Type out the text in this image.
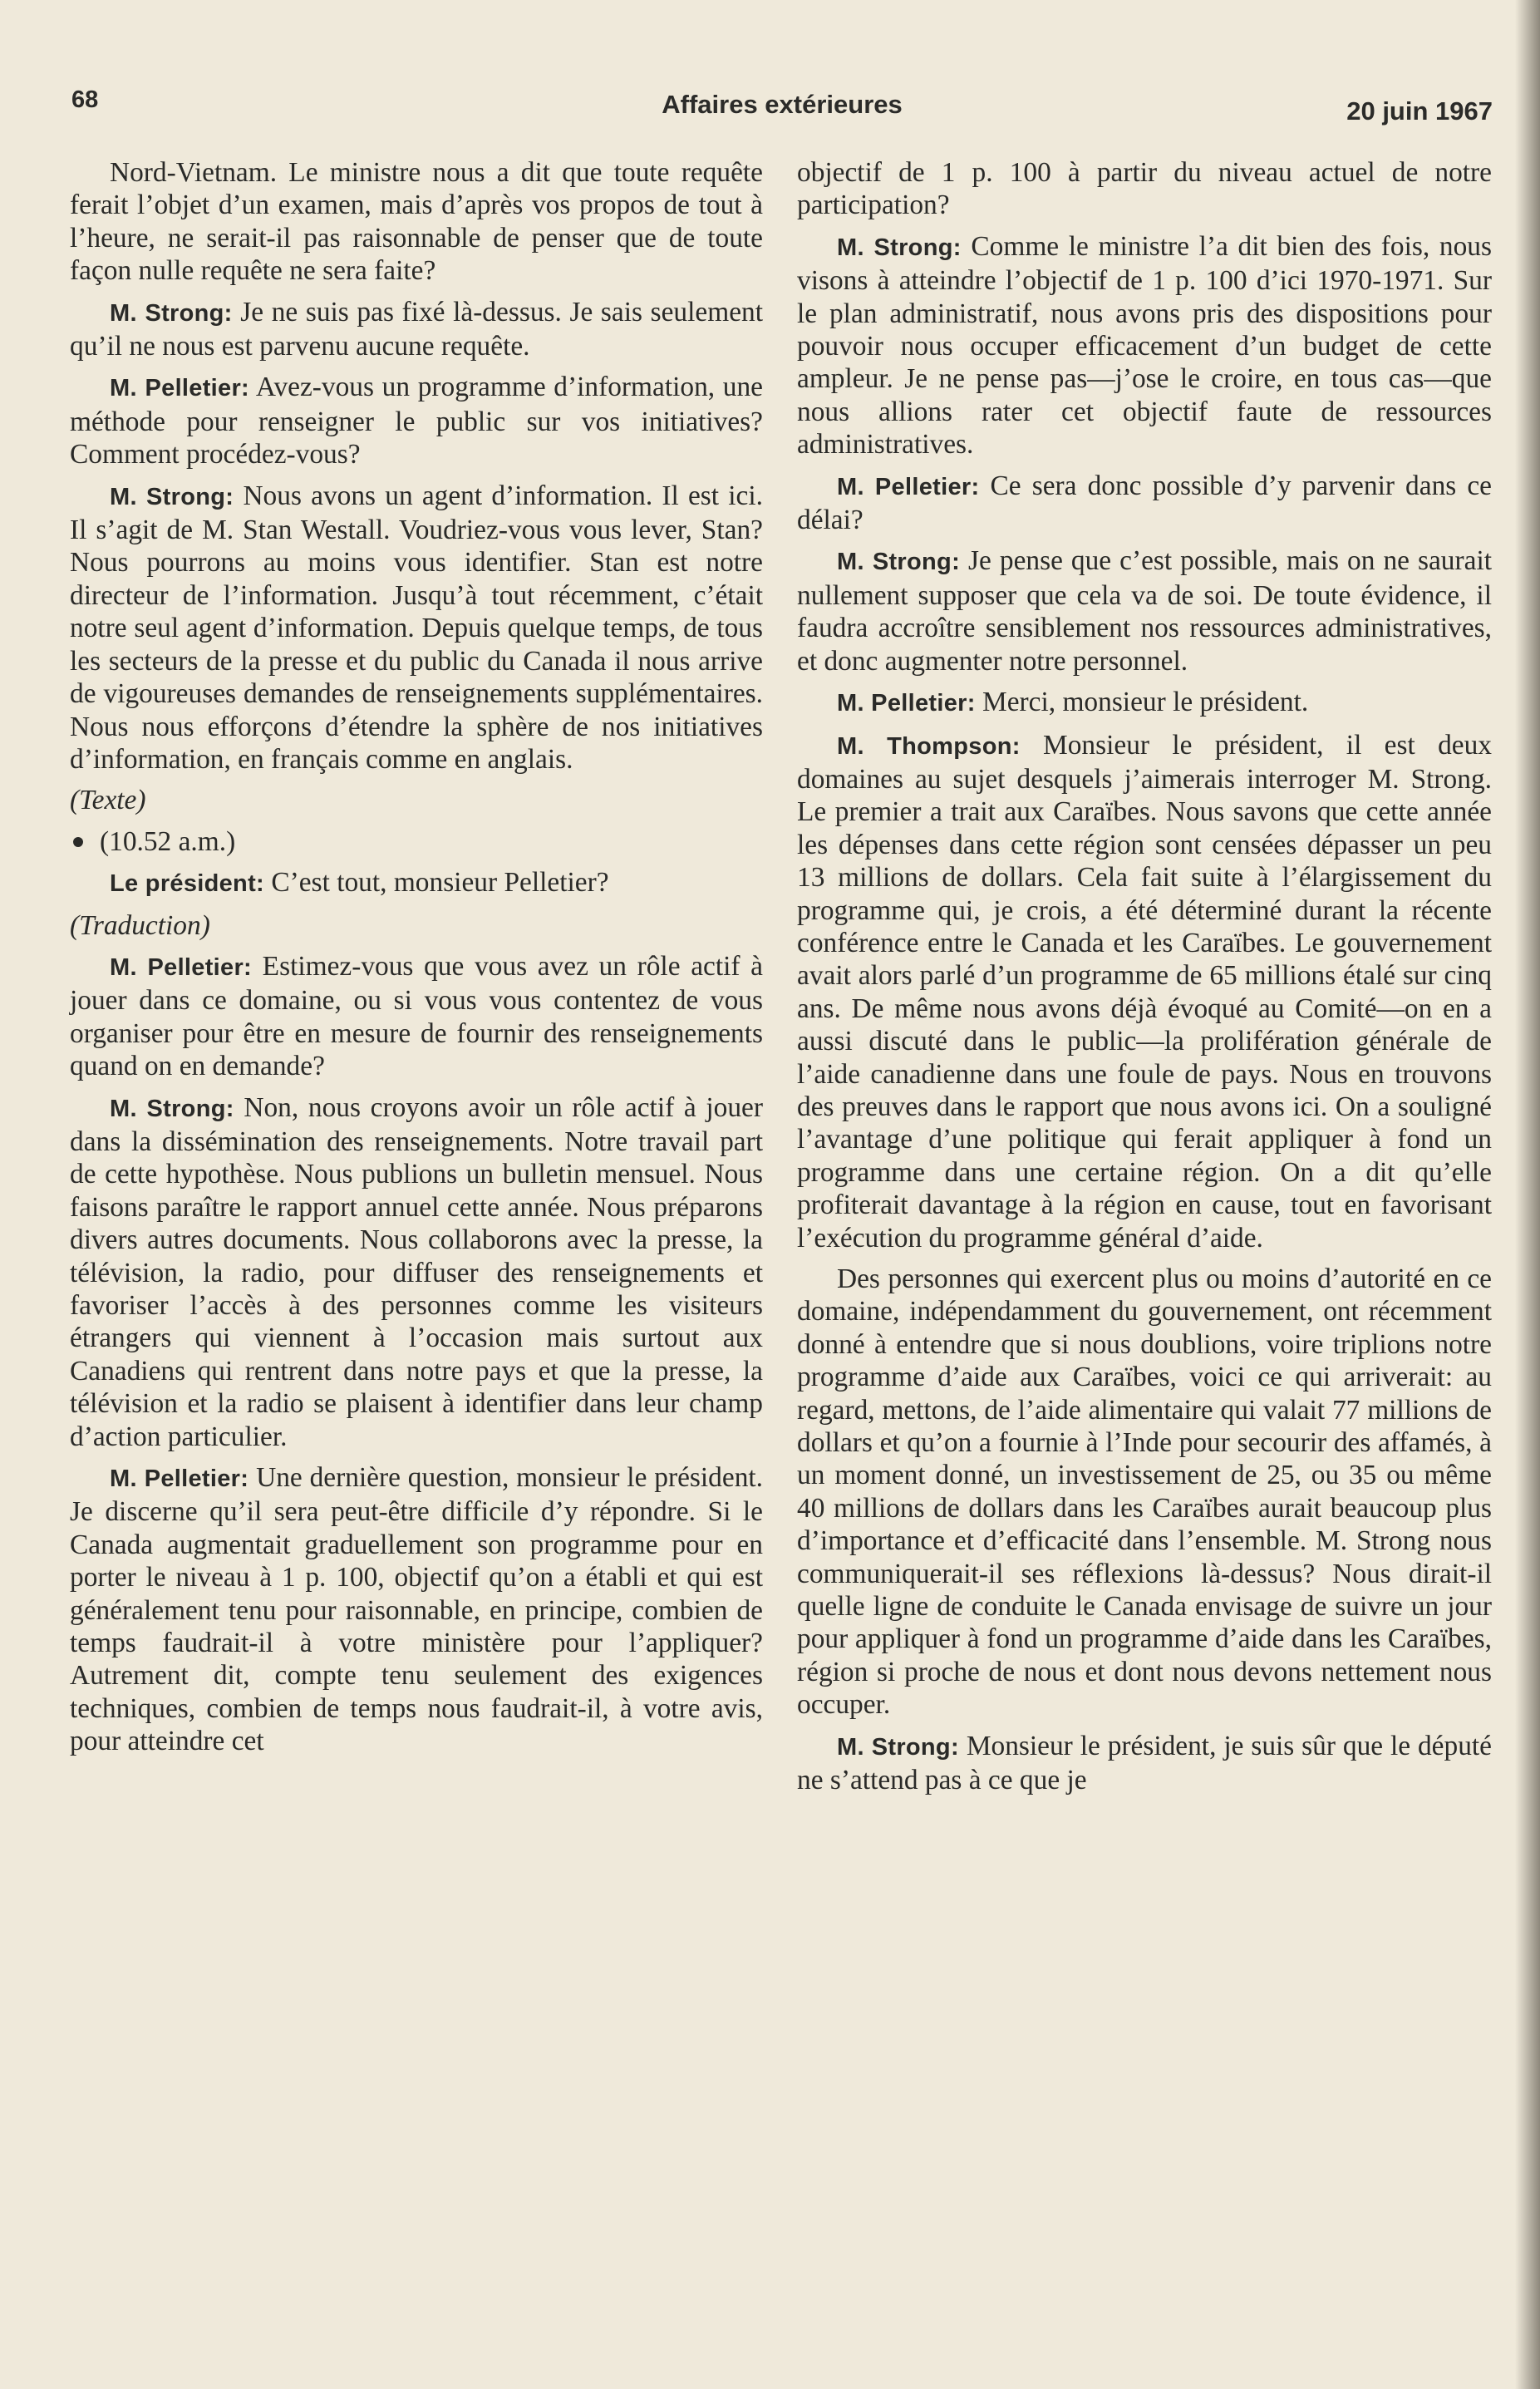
68	Affaires extérieures	20 juin 1967

Nord-Vietnam. Le ministre nous a dit que toute requête ferait l’objet d’un examen, mais d’après vos propos de tout à l’heure, ne serait-il pas raisonnable de penser que de toute façon nulle requête ne sera faite?

M. Strong: Je ne suis pas fixé là-dessus. Je sais seulement qu’il ne nous est parvenu aucune requête.

M. Pelletier: Avez-vous un programme d’information, une méthode pour renseigner le public sur vos initiatives? Comment procédez-vous?

M. Strong: Nous avons un agent d’information. Il est ici. Il s’agit de M. Stan Westall. Voudriez-vous vous lever, Stan? Nous pourrons au moins vous identifier. Stan est notre directeur de l’information. Jusqu’à tout récemment, c’était notre seul agent d’information. Depuis quelque temps, de tous les secteurs de la presse et du public du Canada il nous arrive de vigoureuses demandes de renseignements supplémentaires. Nous nous efforçons d’étendre la sphère de nos initiatives d’information, en français comme en anglais.

(Texte)

(10.52 a.m.)

Le président: C’est tout, monsieur Pelletier?

(Traduction)

M. Pelletier: Estimez-vous que vous avez un rôle actif à jouer dans ce domaine, ou si vous vous contentez de vous organiser pour être en mesure de fournir des renseignements quand on en demande?

M. Strong: Non, nous croyons avoir un rôle actif à jouer dans la dissémination des renseignements. Notre travail part de cette hypothèse. Nous publions un bulletin mensuel. Nous faisons paraître le rapport annuel cette année. Nous préparons divers autres documents. Nous collaborons avec la presse, la télévision, la radio, pour diffuser des renseignements et favoriser l’accès à des personnes comme les visiteurs étrangers qui viennent à l’occasion mais surtout aux Canadiens qui rentrent dans notre pays et que la presse, la télévision et la radio se plaisent à identifier dans leur champ d’action particulier.

M. Pelletier: Une dernière question, monsieur le président. Je discerne qu’il sera peut-être difficile d’y répondre. Si le Canada augmentait graduellement son programme pour en porter le niveau à 1 p. 100, objectif qu’on a établi et qui est généralement tenu pour raisonnable, en principe, combien de temps faudrait-il à votre ministère pour l’appliquer? Autrement dit, compte tenu seulement des exigences techniques, combien de temps nous faudrait-il, à votre avis, pour atteindre cet

objectif de 1 p. 100 à partir du niveau actuel de notre participation?

M. Strong: Comme le ministre l’a dit bien des fois, nous visons à atteindre l’objectif de 1 p. 100 d’ici 1970-1971. Sur le plan administratif, nous avons pris des dispositions pour pouvoir nous occuper efficacement d’un budget de cette ampleur. Je ne pense pas—j’ose le croire, en tous cas—que nous allions rater cet objectif faute de ressources administratives.

M. Pelletier: Ce sera donc possible d’y parvenir dans ce délai?

M. Strong: Je pense que c’est possible, mais on ne saurait nullement supposer que cela va de soi. De toute évidence, il faudra accroître sensiblement nos ressources administratives, et donc augmenter notre personnel.

M. Pelletier: Merci, monsieur le président.

M. Thompson: Monsieur le président, il est deux domaines au sujet desquels j’aimerais interroger M. Strong. Le premier a trait aux Caraïbes. Nous savons que cette année les dépenses dans cette région sont censées dépasser un peu 13 millions de dollars. Cela fait suite à l’élargissement du programme qui, je crois, a été déterminé durant la récente conférence entre le Canada et les Caraïbes. Le gouvernement avait alors parlé d’un programme de 65 millions étalé sur cinq ans. De même nous avons déjà évoqué au Comité—on en a aussi discuté dans le public—la prolifération générale de l’aide canadienne dans une foule de pays. Nous en trouvons des preuves dans le rapport que nous avons ici. On a souligné l’avantage d’une politique qui ferait appliquer à fond un programme dans une certaine région. On a dit qu’elle profiterait davantage à la région en cause, tout en favorisant l’exécution du programme général d’aide.

Des personnes qui exercent plus ou moins d’autorité en ce domaine, indépendamment du gouvernement, ont récemment donné à entendre que si nous doublions, voire triplions notre programme d’aide aux Caraïbes, voici ce qui arriverait: au regard, mettons, de l’aide alimentaire qui valait 77 millions de dollars et qu’on a fournie à l’Inde pour secourir des affamés, à un moment donné, un investissement de 25, ou 35 ou même 40 millions de dollars dans les Caraïbes aurait beaucoup plus d’importance et d’efficacité dans l’ensemble. M. Strong nous communiquerait-il ses réflexions là-dessus? Nous dirait-il quelle ligne de conduite le Canada envisage de suivre un jour pour appliquer à fond un programme d’aide dans les Caraïbes, région si proche de nous et dont nous devons nettement nous occuper.

M. Strong: Monsieur le président, je suis sûr que le député ne s’attend pas à ce que je
